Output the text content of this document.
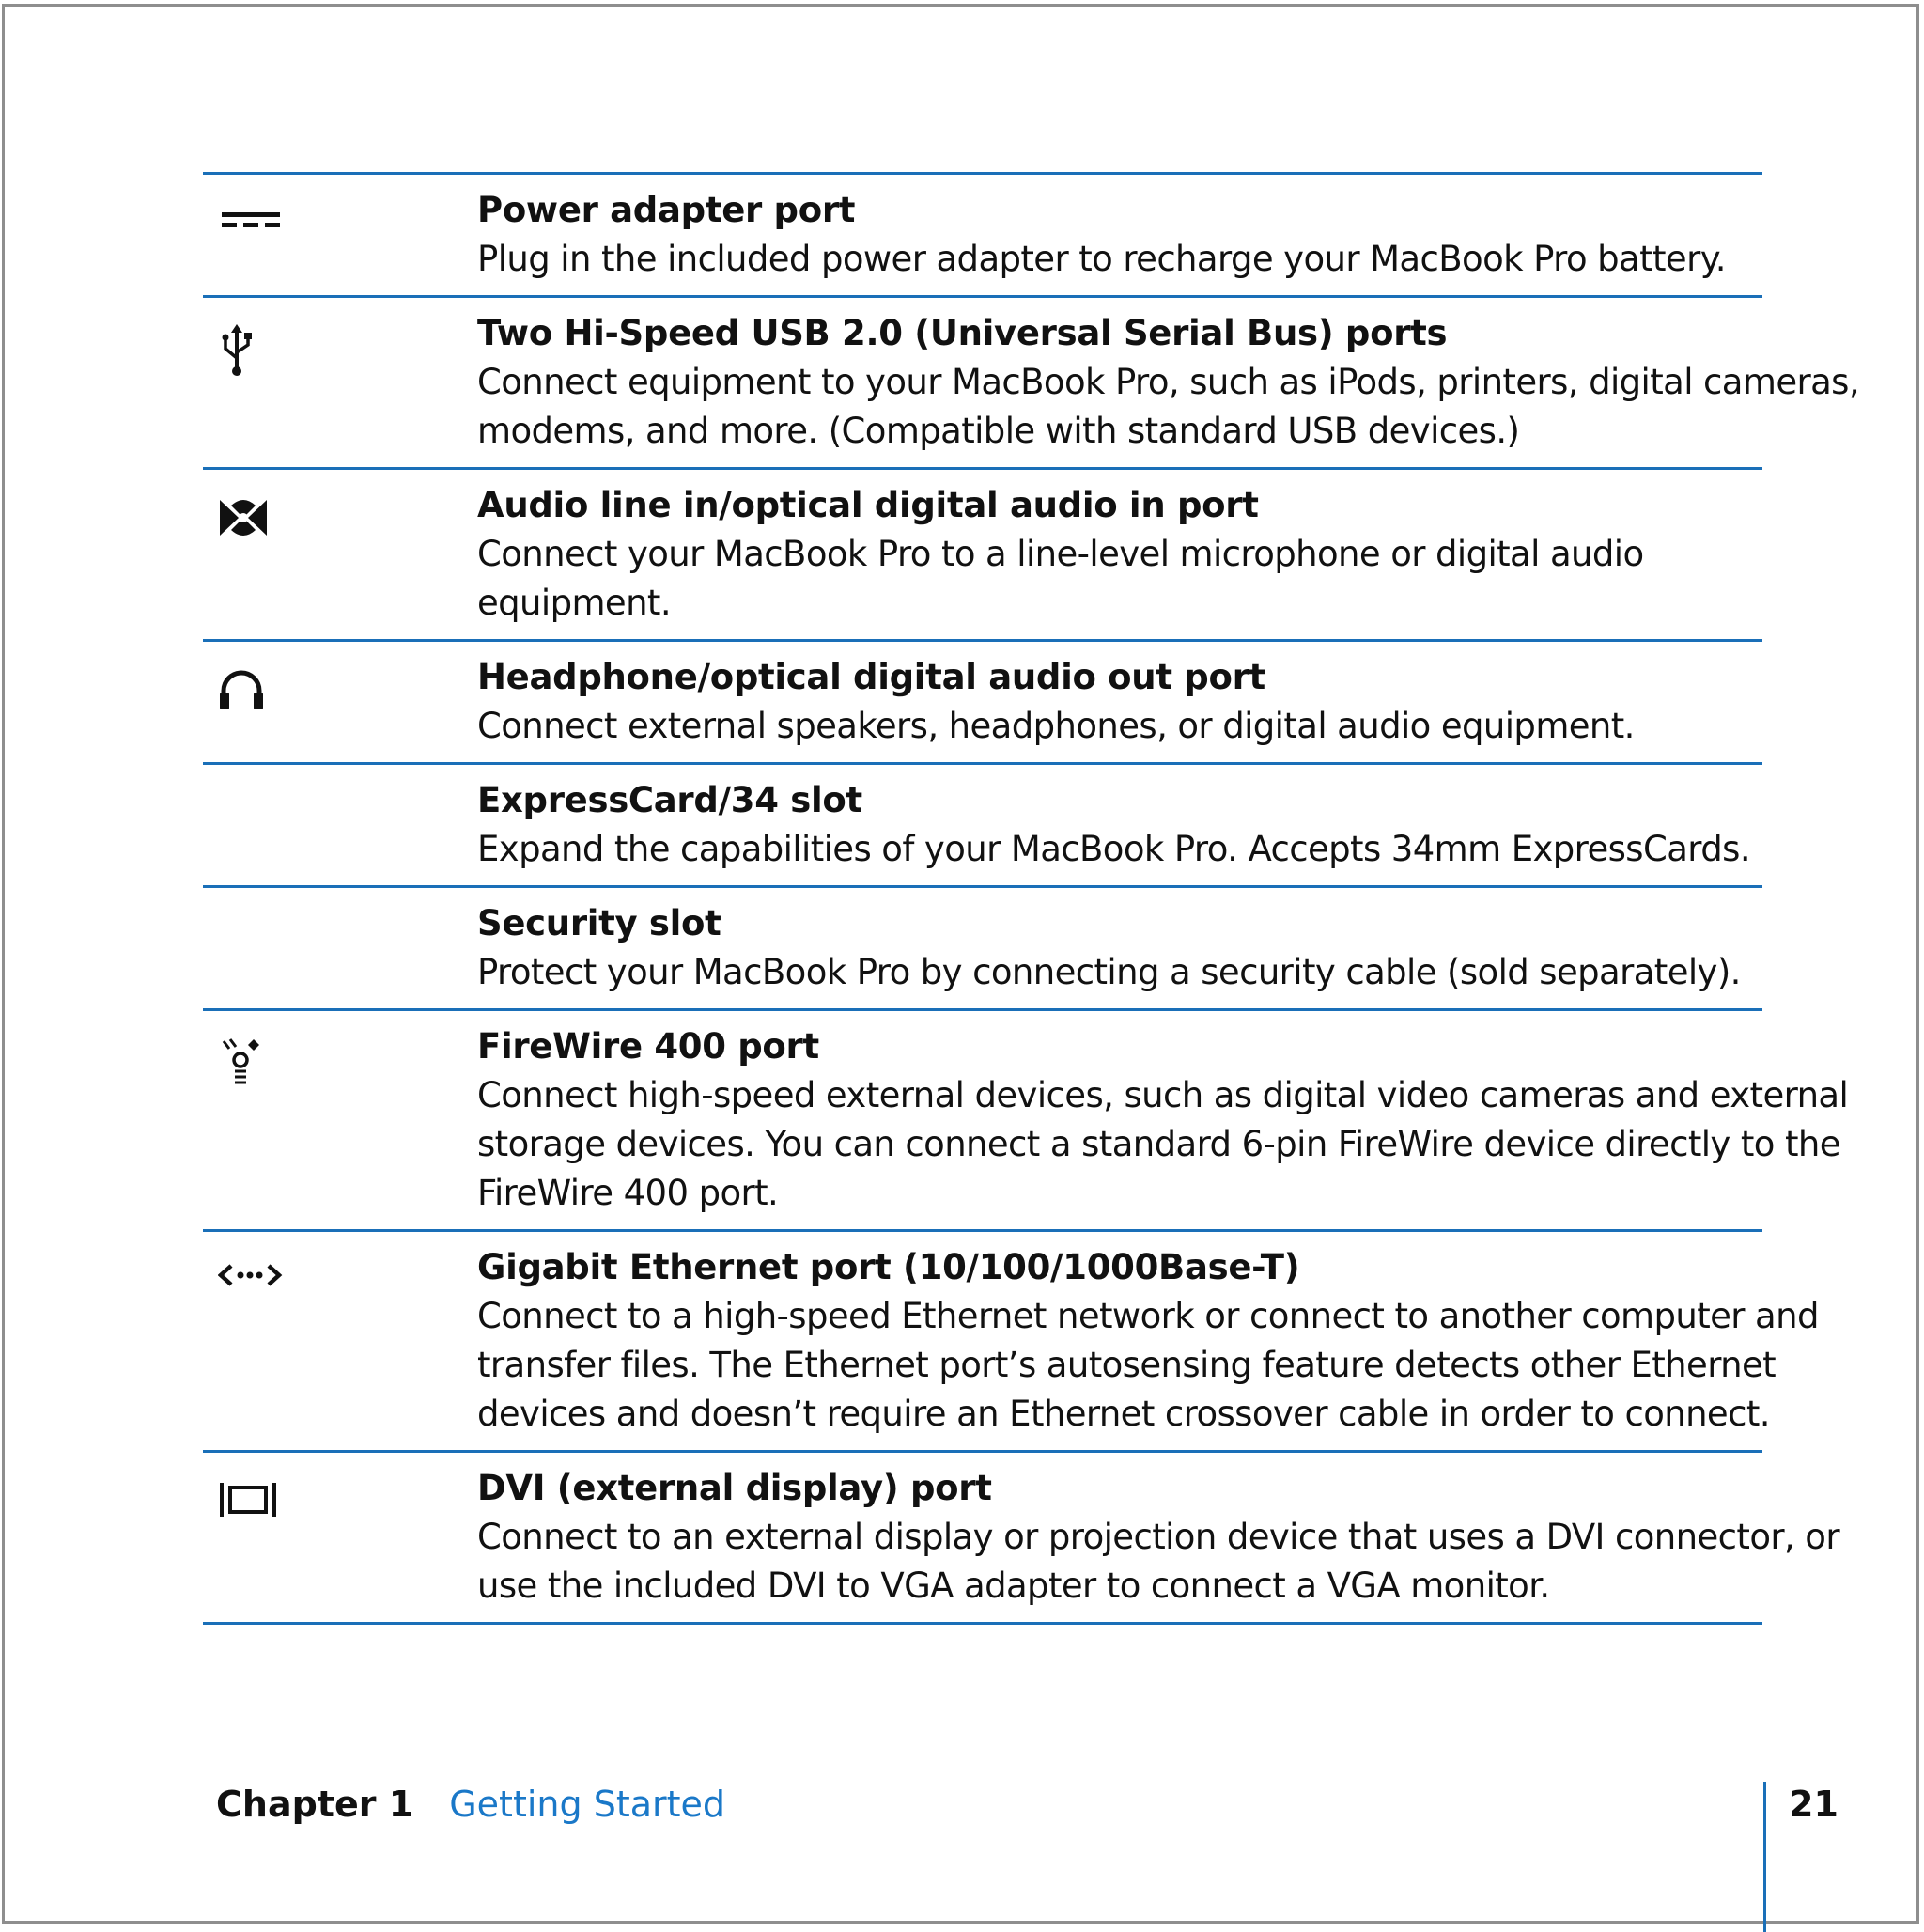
Power adapter port
Plug in the included power adapter to recharge your MacBook Pro battery.
Two Hi-Speed USB 2.0 (Universal Serial Bus) ports
Connect equipment to your MacBook Pro, such as iPods, printers, digital cameras,
modems, and more. (Compatible with standard USB devices.)
Audio line in/optical digital audio in port
Connect your MacBook Pro to a line-level microphone or digital audio
equipment.
Headphone/optical digital audio out port
Connect external speakers, headphones, or digital audio equipment.
ExpressCard/34 slot
Expand the capabilities of your MacBook Pro. Accepts 34mm ExpressCards.
Security slot
Protect your MacBook Pro by connecting a security cable (sold separately).
FireWire 400 port
Connect high-speed external devices, such as digital video cameras and external
storage devices. You can connect a standard 6-pin FireWire device directly to the
FireWire 400 port.
Gigabit Ethernet port (10/100/1000Base-T)
Connect to a high-speed Ethernet network or connect to another computer and
transfer files. The Ethernet port’s autosensing feature detects other Ethernet
devices and doesn’t require an Ethernet crossover cable in order to connect.
DVI (external display) port
Connect to an external display or projection device that uses a DVI connector, or
use the included DVI to VGA adapter to connect a VGA monitor.
Chapter 1 Getting Started	21
